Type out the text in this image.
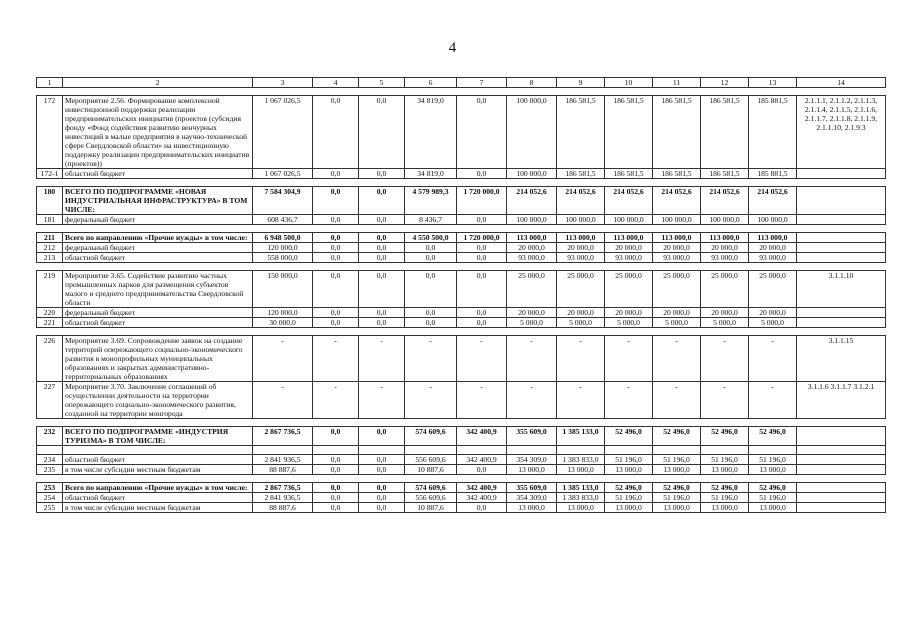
4
1	2	3	4	5	6	7	8	9	10	11	12	13	14

172	Мероприятие 2.56. Формирование комплексной инвестиционной поддержки реализации предпринимательских инициатив (проектов (субсидия фонду «Фонд содействия развитию венчурных инвестиций в малые предприятия в научно-технической сфере Свердловской области» на инвестиционную поддержку реализации предпринимательских инициатив (проектов))	1 067 026,5	0,0	0,0	34 819,0	0,0	100 000,0	186 581,5	186 581,5	186 581,5	186 581,5	185 881,5	2.1.1.1, 2.1.1.2, 2.1.1.3, 2.1.1.4, 2.1.1.5, 2.1.1.6, 2.1.1.7, 2.1.1.8, 2.1.1.9, 2.1.1.10, 2.1.9.3
172-1	областной бюджет	1 067 026,5	0,0	0,0	34 819,0	0,0	100 000,0	186 581,5	186 581,5	186 581,5	186 581,5	185 881,5	

180	ВСЕГО ПО ПОДПРОГРАММЕ «НОВАЯ ИНДУСТРИАЛЬНАЯ ИНФРАСТРУКТУРА» В ТОМ ЧИСЛЕ:	7 584 304,9	0,0	0,0	4 579 989,3	1 720 000,0	214 052,6	214 052,6	214 052,6	214 052,6	214 052,6	214 052,6	
181	федеральный бюджет	608 436,7	0,0	0,0	8 436,7	0,0	100 000,0	100 000,0	100 000,0	100 000,0	100 000,0	100 000,0	

211	Всего по направлению «Прочие нужды» в том числе:	6 948 500,0	0,0	0,0	4 550 500,0	1 720 000,0	113 000,0	113 000,0	113 000,0	113 000,0	113 000,0	113 000,0	
212	федеральный бюджет	120 000,0	0,0	0,0	0,0	0,0	20 000,0	20 000,0	20 000,0	20 000,0	20 000,0	20 000,0	
213	областной бюджет	558 000,0	0,0	0,0	0,0	0,0	93 000,0	93 000,0	93 000,0	93 000,0	93 000,0	93 000,0	

219	Мероприятие 3.65. Содействие развитию частных промышленных парков для размещения субъектов малого и среднего предпринимательства Свердловской области	150 000,0	0,0	0,0	0,0	0,0	25 000,0	25 000,0	25 000,0	25 000,0	25 000,0	25 000,0	3.1.1.10
220	федеральный бюджет	120 000,0	0,0	0,0	0,0	0,0	20 000,0	20 000,0	20 000,0	20 000,0	20 000,0	20 000,0	
221	областной бюджет	30 000,0	0,0	0,0	0,0	0,0	5 000,0	5 000,0	5 000,0	5 000,0	5 000,0	5 000,0	

226	Мероприятие 3.69. Сопровождение заявок на создание территорий опережающего социально-экономического развития в монопрофильных муниципальных образованиях и закрытых административно-территориальных образованиях	-	-	-	-	-	-	-	-	-	-	-	3.1.1.15
227	Мероприятие 3.70. Заключение соглашений об осуществлении деятельности на территории опережающего социально-экономического развития, созданной на территории монгорода	-	-	-	-	-	-	-	-	-	-	-	3.1.1.6 3.1.1.7 3.1.2.1

232	ВСЕГО ПО ПОДПРОГРАММЕ «ИНДУСТРИЯ ТУРИЗМА» В ТОМ ЧИСЛЕ:	2 867 736,5	0,0	0,0	574 609,6	342 400,9	355 609,0	1 385 133,0	52 496,0	52 496,0	52 496,0	52 496,0	

234	областной бюджет	2 841 936,5	0,0	0,0	556 609,6	342 400,9	354 309,0	1 383 833,0	51 196,0	51 196,0	51 196,0	51 196,0	
235	в том числе субсидии местным бюджетам	88 887,6	0,0	0,0	10 887,6	0,0	13 000,0	13 000,0	13 000,0	13 000,0	13 000,0	13 000,0	

253	Всего по направлению «Прочие нужды» в том числе:	2 867 736,5	0,0	0,0	574 609,6	342 400,9	355 609,0	1 385 133,0	52 496,0	52 496,0	52 496,0	52 496,0	
254	областной бюджет	2 841 936,5	0,0	0,0	556 609,6	342 400,9	354 309,0	1 383 833,0	51 196,0	51 196,0	51 196,0	51 196,0	
255	в том числе субсидии местным бюджетам	88 887,6	0,0	0,0	10 887,6	0,0	13 000,0	13 000,0	13 000,0	13 000,0	13 000,0	13 000,0	
